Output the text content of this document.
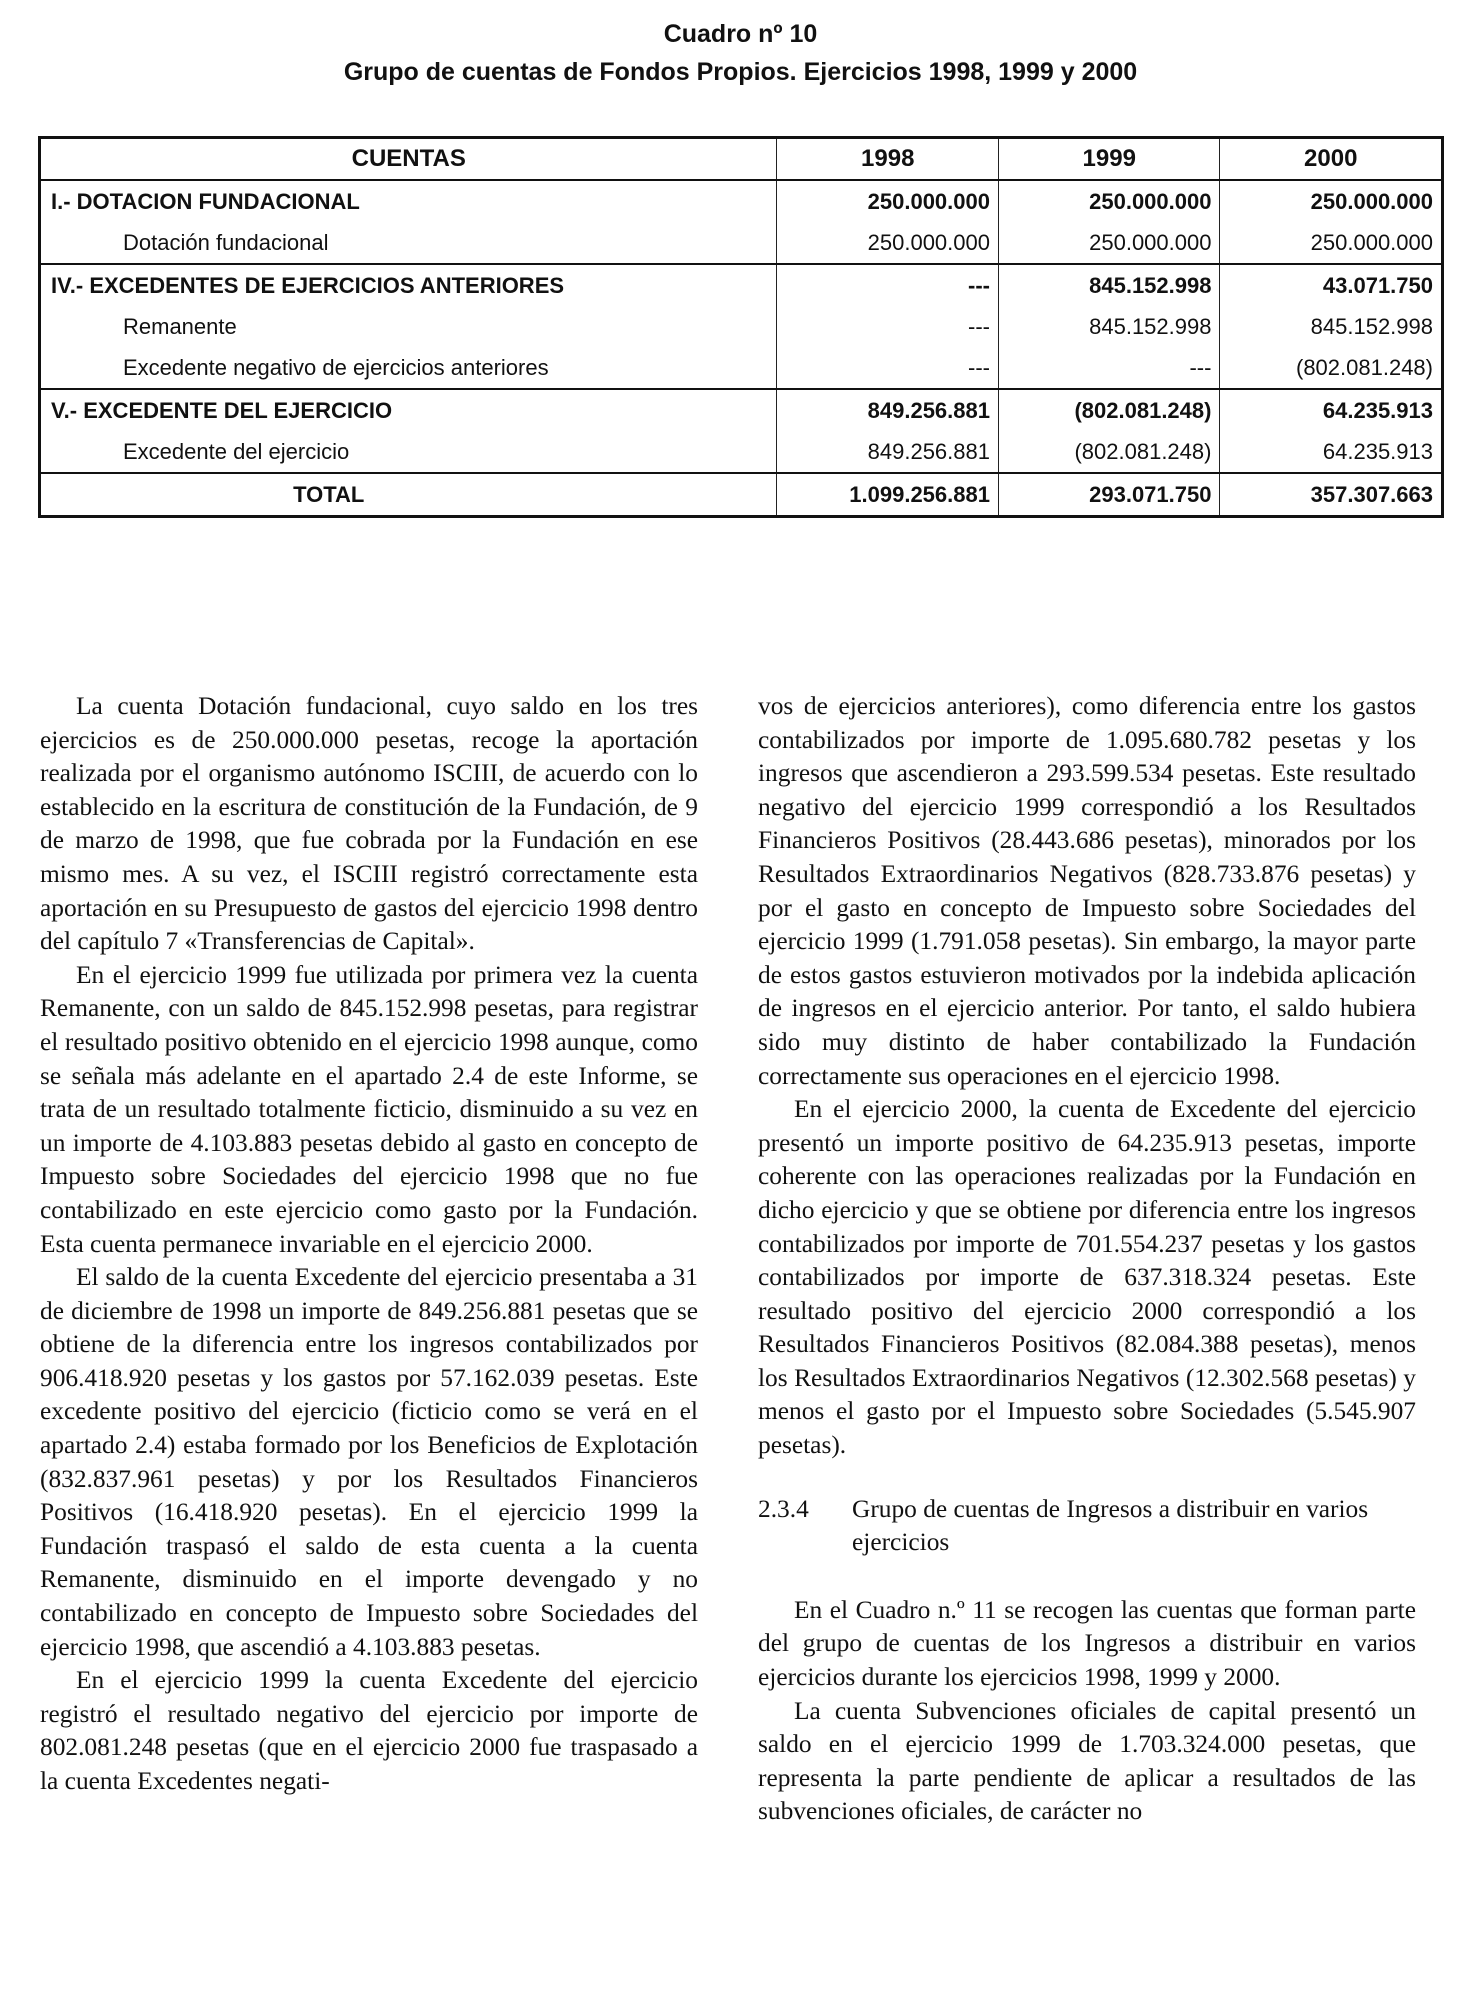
Cuadro nº 10
Grupo de cuentas de Fondos Propios. Ejercicios 1998, 1999 y 2000
CUENTAS	1998	1999	2000
I.- DOTACION FUNDACIONAL	250.000.000	250.000.000	250.000.000
Dotación fundacional	250.000.000	250.000.000	250.000.000
IV.- EXCEDENTES DE EJERCICIOS ANTERIORES	---	845.152.998	43.071.750
Remanente	---	845.152.998	845.152.998
Excedente negativo de ejercicios anteriores	---	---	(802.081.248)
V.- EXCEDENTE DEL EJERCICIO	849.256.881	(802.081.248)	64.235.913
Excedente del ejercicio	849.256.881	(802.081.248)	64.235.913
TOTAL	1.099.256.881	293.071.750	357.307.663

La cuenta Dotación fundacional, cuyo saldo en los tres ejercicios es de 250.000.000 pesetas, recoge la aportación realizada por el organismo autónomo ISCIII, de acuerdo con lo establecido en la escritura de constitución de la Fundación, de 9 de marzo de 1998, que fue cobrada por la Fundación en ese mismo mes. A su vez, el ISCIII registró correctamente esta aportación en su Presupuesto de gastos del ejercicio 1998 dentro del capítulo 7 «Transferencias de Capital».

En el ejercicio 1999 fue utilizada por primera vez la cuenta Remanente, con un saldo de 845.152.998 pesetas, para registrar el resultado positivo obtenido en el ejercicio 1998 aunque, como se señala más adelante en el apartado 2.4 de este Informe, se trata de un resultado totalmente ficticio, disminuido a su vez en un importe de 4.103.883 pesetas debido al gasto en concepto de Impuesto sobre Sociedades del ejercicio 1998 que no fue contabilizado en este ejercicio como gasto por la Fundación. Esta cuenta permanece invariable en el ejercicio 2000.

El saldo de la cuenta Excedente del ejercicio presentaba a 31 de diciembre de 1998 un importe de 849.256.881 pesetas que se obtiene de la diferencia entre los ingresos contabilizados por 906.418.920 pesetas y los gastos por 57.162.039 pesetas. Este excedente positivo del ejercicio (ficticio como se verá en el apartado 2.4) estaba formado por los Beneficios de Explotación (832.837.961 pesetas) y por los Resultados Financieros Positivos (16.418.920 pesetas). En el ejercicio 1999 la Fundación traspasó el saldo de esta cuenta a la cuenta Remanente, disminuido en el importe devengado y no contabilizado en concepto de Impuesto sobre Sociedades del ejercicio 1998, que ascendió a 4.103.883 pesetas.

En el ejercicio 1999 la cuenta Excedente del ejercicio registró el resultado negativo del ejercicio por importe de 802.081.248 pesetas (que en el ejercicio 2000 fue traspasado a la cuenta Excedentes negati-

vos de ejercicios anteriores), como diferencia entre los gastos contabilizados por importe de 1.095.680.782 pesetas y los ingresos que ascendieron a 293.599.534 pesetas. Este resultado negativo del ejercicio 1999 correspondió a los Resultados Financieros Positivos (28.443.686 pesetas), minorados por los Resultados Extraordinarios Negativos (828.733.876 pesetas) y por el gasto en concepto de Impuesto sobre Sociedades del ejercicio 1999 (1.791.058 pesetas). Sin embargo, la mayor parte de estos gastos estuvieron motivados por la indebida aplicación de ingresos en el ejercicio anterior. Por tanto, el saldo hubiera sido muy distinto de haber contabilizado la Fundación correctamente sus operaciones en el ejercicio 1998.

En el ejercicio 2000, la cuenta de Excedente del ejercicio presentó un importe positivo de 64.235.913 pesetas, importe coherente con las operaciones realizadas por la Fundación en dicho ejercicio y que se obtiene por diferencia entre los ingresos contabilizados por importe de 701.554.237 pesetas y los gastos contabilizados por importe de 637.318.324 pesetas. Este resultado positivo del ejercicio 2000 correspondió a los Resultados Financieros Positivos (82.084.388 pesetas), menos los Resultados Extraordinarios Negativos (12.302.568 pesetas) y menos el gasto por el Impuesto sobre Sociedades (5.545.907 pesetas).

2.3.4	Grupo de cuentas de Ingresos a distribuir en varios ejercicios

En el Cuadro n.º 11 se recogen las cuentas que forman parte del grupo de cuentas de los Ingresos a distribuir en varios ejercicios durante los ejercicios 1998, 1999 y 2000.

La cuenta Subvenciones oficiales de capital presentó un saldo en el ejercicio 1999 de 1.703.324.000 pesetas, que representa la parte pendiente de aplicar a resultados de las subvenciones oficiales, de carácter no
